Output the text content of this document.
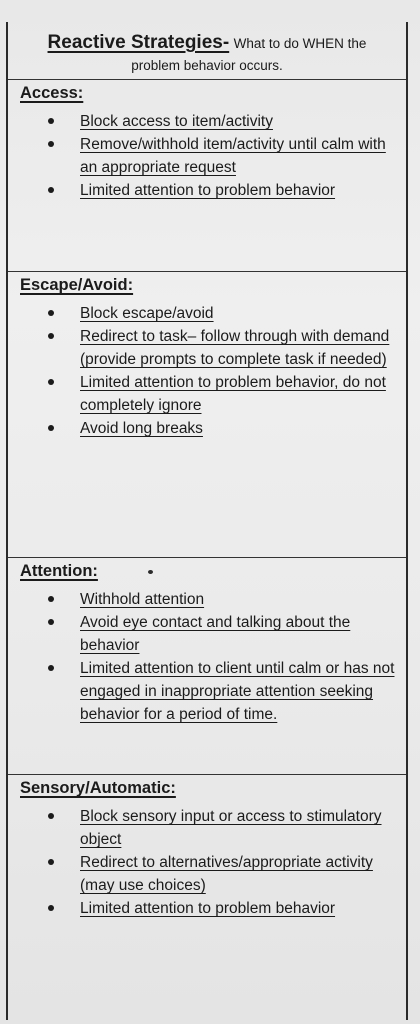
Reactive Strategies- What to do WHEN the
problem behavior occurs.
Access:
Block access to item/activity
Remove/withhold item/activity until calm with an appropriate request
Limited attention to problem behavior
Escape/Avoid:
Block escape/avoid
Redirect to task– follow through with demand (provide prompts to complete task if needed)
Limited attention to problem behavior, do not completely ignore
Avoid long breaks
Attention:
Withhold attention
Avoid eye contact and talking about the behavior
Limited attention to client until calm or has not engaged in inappropriate attention seeking behavior for a period of time.
Sensory/Automatic:
Block sensory input or access to stimulatory object
Redirect to alternatives/appropriate activity (may use choices)
Limited attention to problem behavior
